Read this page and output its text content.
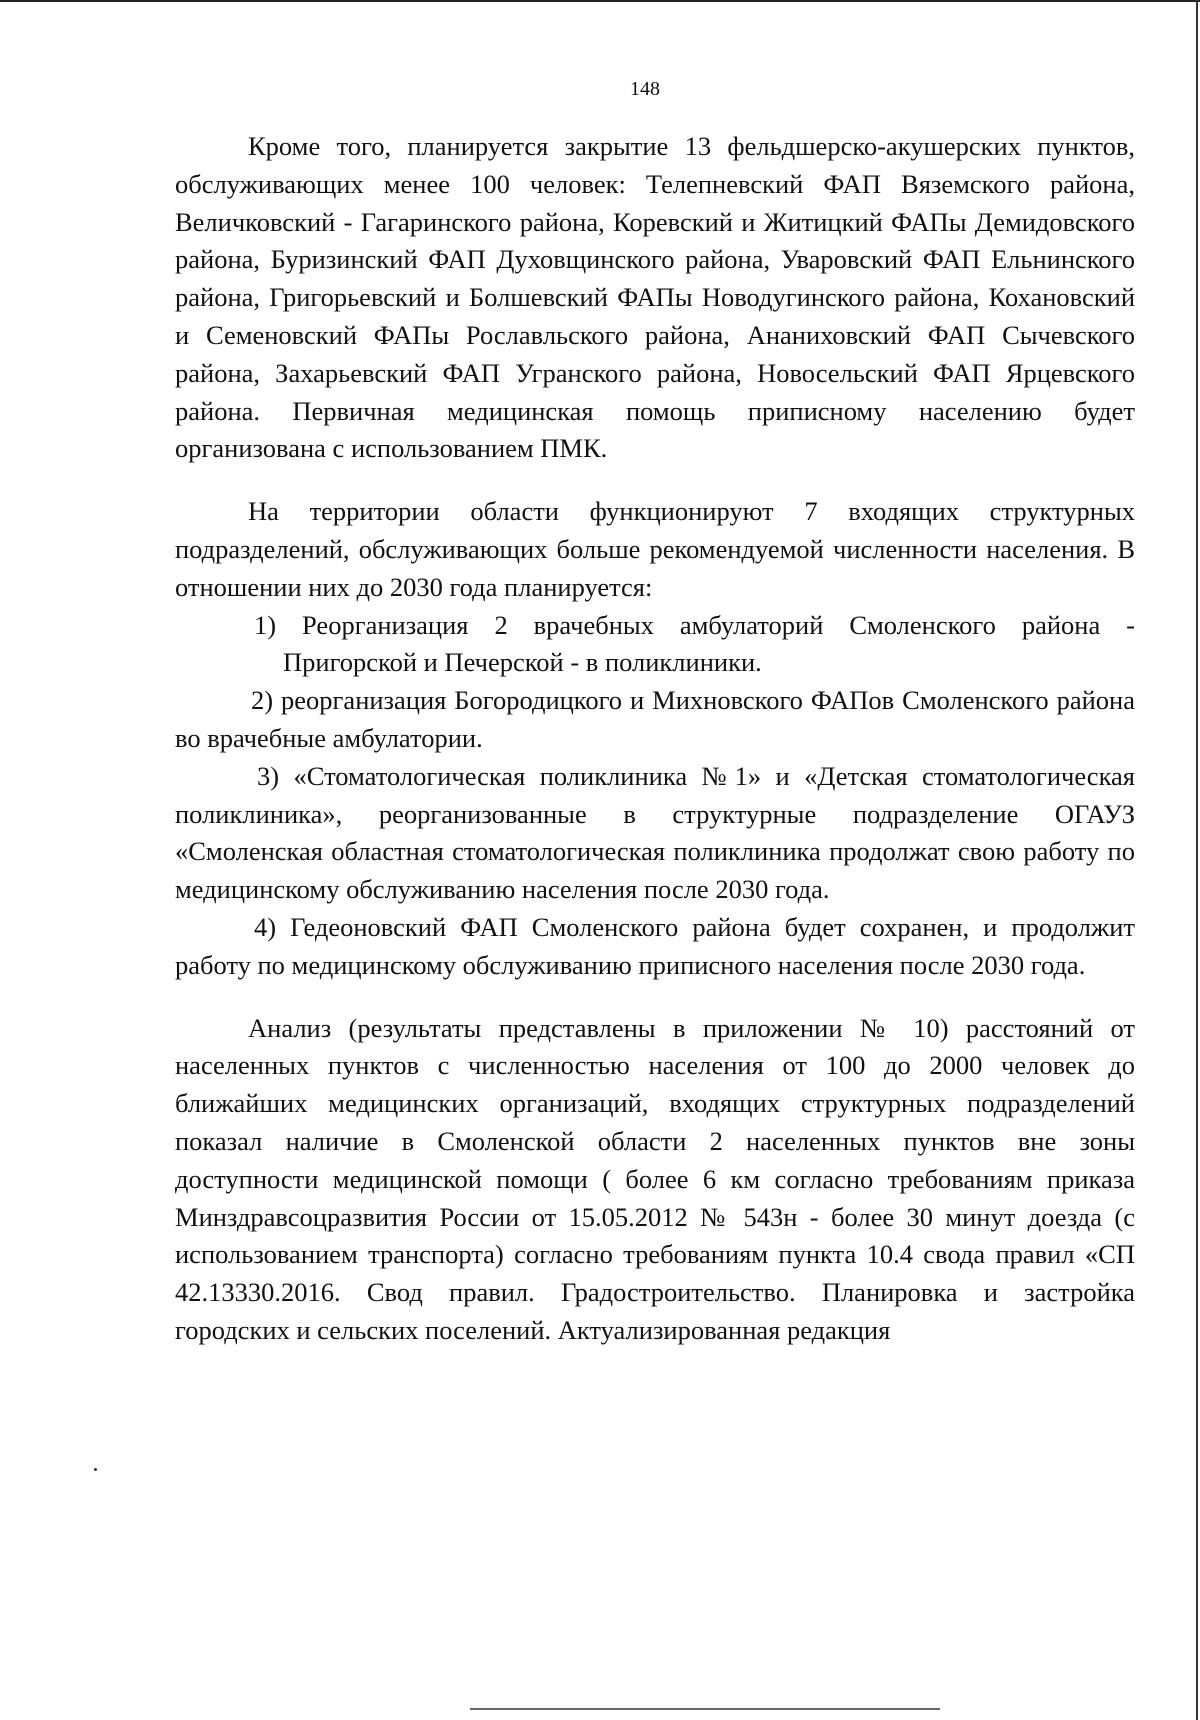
148

Кроме того, планируется закрытие 13 фельдшерско-акушерских пунктов, обслуживающих менее 100 человек: Телепневский ФАП Вяземского района, Величковский - Гагаринского района, Коревский и Житицкий ФАПы Демидовского района, Буризинский ФАП Духовщинского района, Уваровский ФАП Ельнинского района, Григорьевский и Болшевский ФАПы Новодугинского района, Кохановский и Семеновский ФАПы Рославльского района, Ананиховский ФАП Сычевского района, Захарьевский ФАП Угранского района, Новосельский ФАП Ярцевского района. Первичная медицинская помощь приписному населению будет организована с использованием ПМК.

На территории области функционируют 7 входящих структурных подразделений, обслуживающих больше рекомендуемой численности населения. В отношении них до 2030 года планируется:

1) Реорганизация 2 врачебных амбулаторий Смоленского района - Пригорской и Печерской - в поликлиники.

2) реорганизация Богородицкого и Михновского ФАПов Смоленского района во врачебные амбулатории.

3) «Стоматологическая поликлиника №1» и «Детская стоматологическая поликлиника», реорганизованные в структурные подразделение ОГАУЗ «Смоленская областная стоматологическая поликлиника продолжат свою работу по медицинскому обслуживанию населения после 2030 года.

4) Гедеоновский ФАП Смоленского района будет сохранен, и продолжит работу по медицинскому обслуживанию приписного населения после 2030 года.

Анализ (результаты представлены в приложении № 10) расстояний от населенных пунктов с численностью населения от 100 до 2000 человек до ближайших медицинских организаций, входящих структурных подразделений показал наличие в Смоленской области 2 населенных пунктов вне зоны доступности медицинской помощи ( более 6 км согласно требованиям приказа Минздравсоцразвития России от 15.05.2012 № 543н - более 30 минут доезда (с использованием транспорта) согласно требованиям пункта 10.4 свода правил «СП 42.13330.2016. Свод правил. Градостроительство. Планировка и застройка городских и сельских поселений. Актуализированная редакция
